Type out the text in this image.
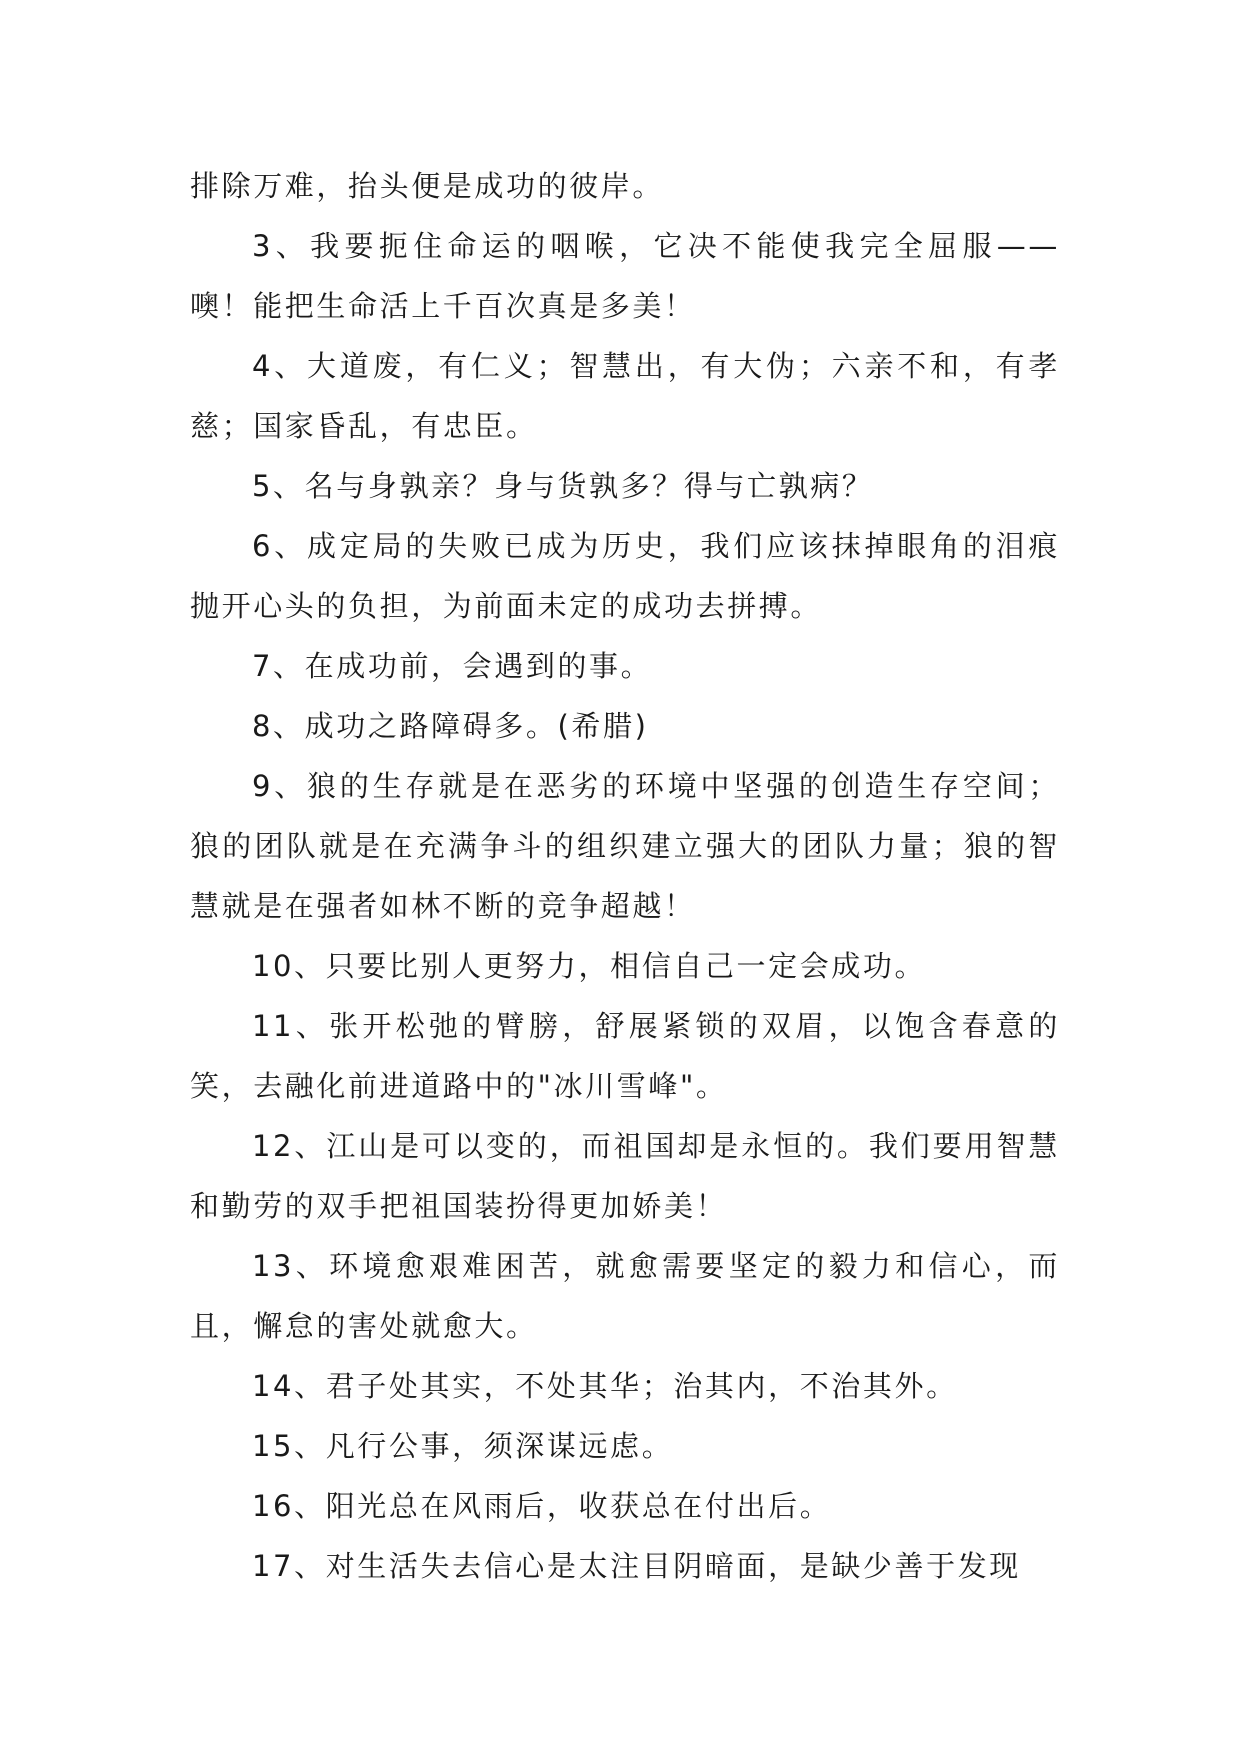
排除万难，抬头便是成功的彼岸。

3、我要扼住命运的咽喉，它决不能使我完全屈服——噢！能把生命活上千百次真是多美！

4、大道废，有仁义；智慧出，有大伪；六亲不和，有孝慈；国家昏乱，有忠臣。

5、名与身孰亲？身与货孰多？得与亡孰病？

6、成定局的失败已成为历史，我们应该抹掉眼角的泪痕抛开心头的负担，为前面未定的成功去拼搏。

7、在成功前，会遇到的事。

8、成功之路障碍多。(希腊)

9、狼的生存就是在恶劣的环境中坚强的创造生存空间；狼的团队就是在充满争斗的组织建立强大的团队力量；狼的智慧就是在强者如林不断的竞争超越！

10、只要比别人更努力，相信自己一定会成功。

11、张开松弛的臂膀，舒展紧锁的双眉，以饱含春意的笑，去融化前进道路中的"冰川雪峰"。

12、江山是可以变的，而祖国却是永恒的。我们要用智慧和勤劳的双手把祖国装扮得更加娇美！

13、环境愈艰难困苦，就愈需要坚定的毅力和信心，而且，懈怠的害处就愈大。

14、君子处其实，不处其华；治其内，不治其外。

15、凡行公事，须深谋远虑。

16、阳光总在风雨后，收获总在付出后。

17、对生活失去信心是太注目阴暗面，是缺少善于发现
